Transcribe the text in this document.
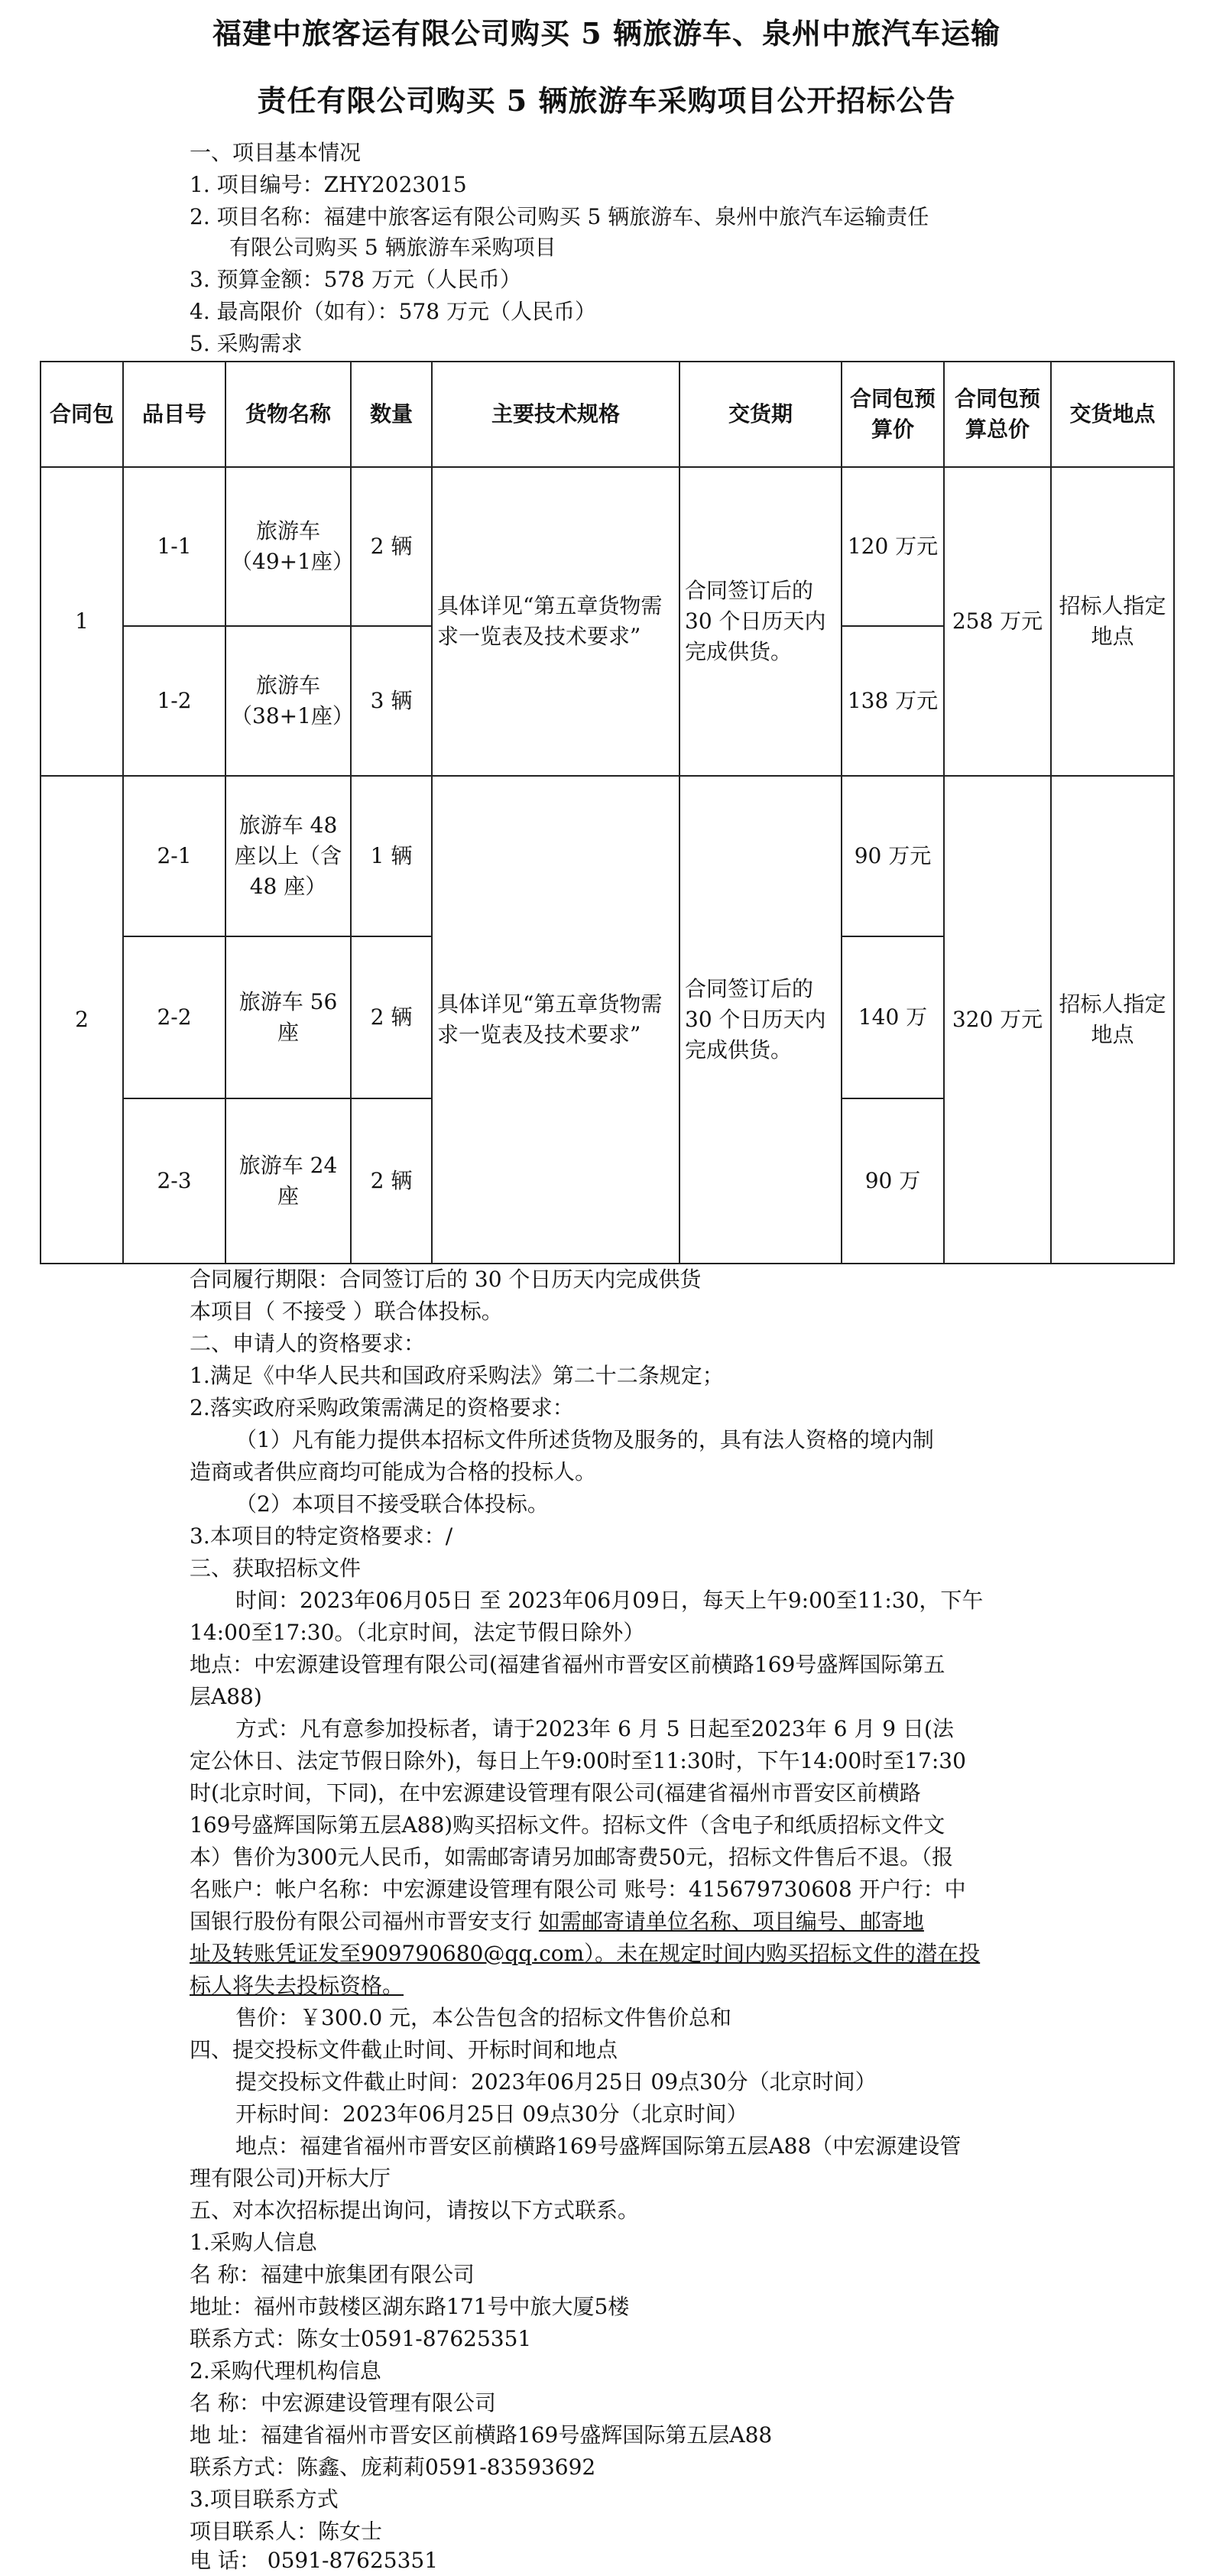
福建中旅客运有限公司购买 5 辆旅游车、泉州中旅汽车运输
责任有限公司购买 5 辆旅游车采购项目公开招标公告
一、项目基本情况
1. 项目编号：ZHY2023015
2. 项目名称：福建中旅客运有限公司购买 5 辆旅游车、泉州中旅汽车运输责任
有限公司购买 5 辆旅游车采购项目
3. 预算金额：578 万元（人民币）
4. 最高限价（如有）：578 万元（人民币）
5. 采购需求
合同包	品目号	货物名称	数量	主要技术规格	交货期	合同包预算价	合同包预算总价	交货地点
1	1-1	旅游车（49+1座）	2 辆	具体详见“第五章货物需求一览表及技术要求”	合同签订后的 30 个日历天内完成供货。	120 万元	258 万元	招标人指定地点
	1-2	旅游车（38+1座）	3 辆			138 万元		
2	2-1	旅游车 48 座以上（含 48 座）	1 辆	具体详见“第五章货物需求一览表及技术要求”	合同签订后的 30 个日历天内完成供货。	90 万元	320 万元	招标人指定地点
	2-2	旅游车 56 座	2 辆			140 万		
	2-3	旅游车 24 座	2 辆			90 万		
合同履行期限：合同签订后的 30 个日历天内完成供货
本项目（ 不接受 ）联合体投标。
二、申请人的资格要求：
1.满足《中华人民共和国政府采购法》第二十二条规定；
2.落实政府采购政策需满足的资格要求：
（1）凡有能力提供本招标文件所述货物及服务的，具有法人资格的境内制
造商或者供应商均可能成为合格的投标人。
（2）本项目不接受联合体投标。
3.本项目的特定资格要求：/
三、获取招标文件
时间：2023年06月05日 至 2023年06月09日，每天上午9:00至11:30，下午
14:00至17:30。（北京时间，法定节假日除外）
地点：中宏源建设管理有限公司(福建省福州市晋安区前横路169号盛辉国际第五
层A88)
方式：凡有意参加投标者，请于2023年 6 月 5 日起至2023年 6 月 9 日(法
定公休日、法定节假日除外)，每日上午9:00时至11:30时，下午14:00时至17:30
时(北京时间，下同)，在中宏源建设管理有限公司(福建省福州市晋安区前横路
169号盛辉国际第五层A88)购买招标文件。招标文件（含电子和纸质招标文件文
本）售价为300元人民币，如需邮寄请另加邮寄费50元，招标文件售后不退。（报
名账户：帐户名称：中宏源建设管理有限公司 账号：415679730608 开户行：中
国银行股份有限公司福州市晋安支行 如需邮寄请单位名称、项目编号、邮寄地
址及转账凭证发至909790680@qq.com）。未在规定时间内购买招标文件的潜在投
标人将失去投标资格。
售价：￥300.0 元，本公告包含的招标文件售价总和
四、提交投标文件截止时间、开标时间和地点
提交投标文件截止时间：2023年06月25日 09点30分（北京时间）
开标时间：2023年06月25日 09点30分（北京时间）
地点：福建省福州市晋安区前横路169号盛辉国际第五层A88（中宏源建设管
理有限公司)开标大厅
五、对本次招标提出询问，请按以下方式联系。
1.采购人信息
名 称：福建中旅集团有限公司
地址：福州市鼓楼区湖东路171号中旅大厦5楼
联系方式：陈女士0591-87625351
2.采购代理机构信息
名 称：中宏源建设管理有限公司
地 址：福建省福州市晋安区前横路169号盛辉国际第五层A88
联系方式：陈鑫、庞莉莉0591-83593692
3.项目联系方式
项目联系人：陈女士
电 话： 0591-87625351
